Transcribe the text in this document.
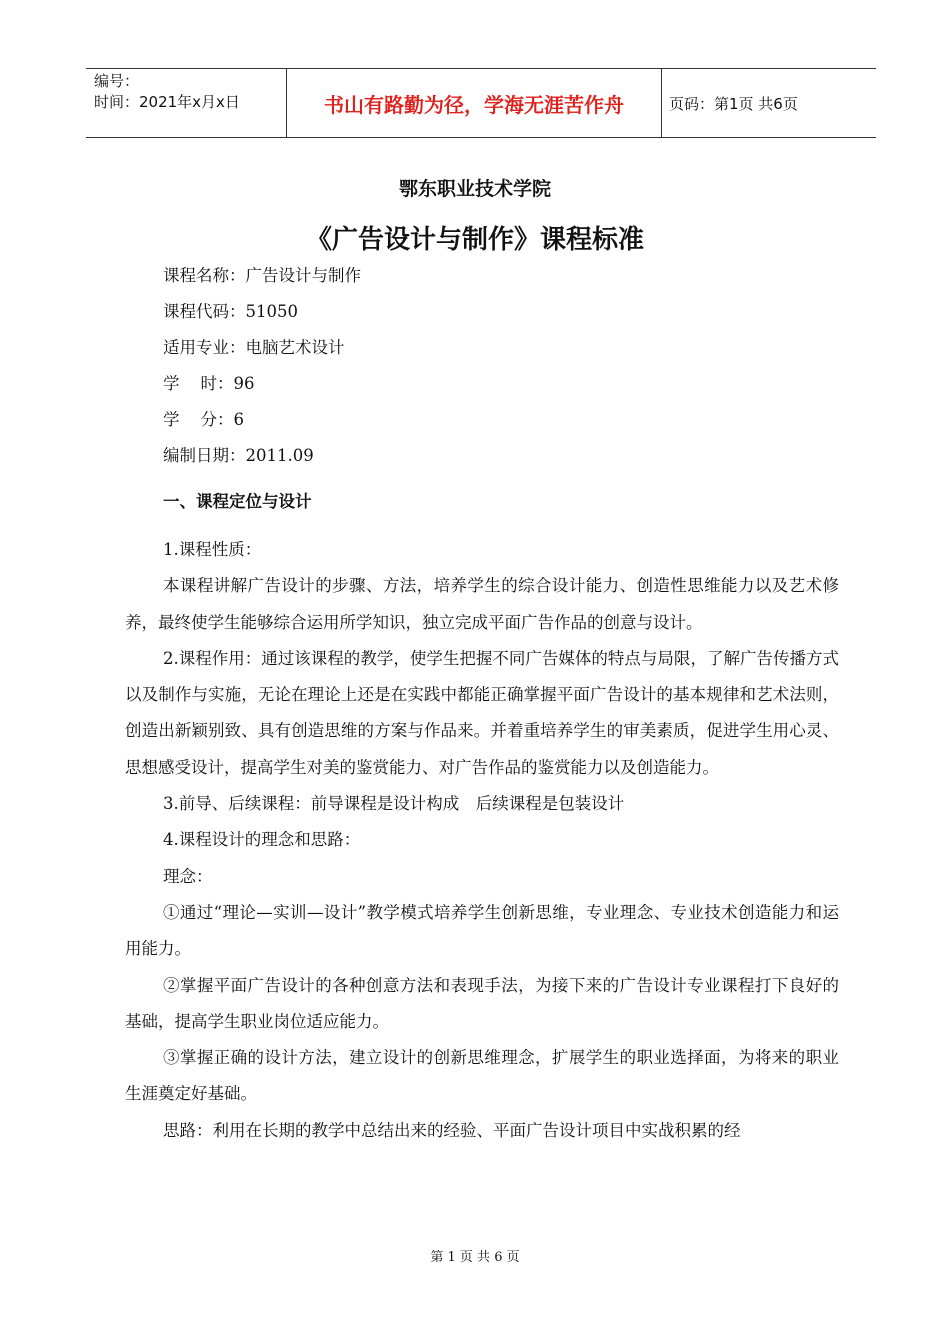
编号：
时间：2021年x月x日	书山有路勤为径，学海无涯苦作舟	页码：第1页 共6页
鄂东职业技术学院
《广告设计与制作》课程标准
课程名称：广告设计与制作
课程代码：51050
适用专业：电脑艺术设计
学    时：96
学    分：6
编制日期：2011.09
一、课程定位与设计

1.课程性质：

本课程讲解广告设计的步骤、方法，培养学生的综合设计能力、创造性思维能力以及艺术修养，最终使学生能够综合运用所学知识，独立完成平面广告作品的创意与设计。

2.课程作用：通过该课程的教学，使学生把握不同广告媒体的特点与局限，了解广告传播方式以及制作与实施，无论在理论上还是在实践中都能正确掌握平面广告设计的基本规律和艺术法则，创造出新颖别致、具有创造思维的方案与作品来。并着重培养学生的审美素质，促进学生用心灵、思想感受设计，提高学生对美的鉴赏能力、对广告作品的鉴赏能力以及创造能力。

3.前导、后续课程：前导课程是设计构成　后续课程是包装设计

4.课程设计的理念和思路：

理念：

①通过“理论—实训—设计”教学模式培养学生创新思维，专业理念、专业技术创造能力和运用能力。

②掌握平面广告设计的各种创意方法和表现手法，为接下来的广告设计专业课程打下良好的基础，提高学生职业岗位适应能力。

③掌握正确的设计方法，建立设计的创新思维理念，扩展学生的职业选择面，为将来的职业生涯奠定好基础。

思路：利用在长期的教学中总结出来的经验、平面广告设计项目中实战积累的经

第 1 页 共 6 页
